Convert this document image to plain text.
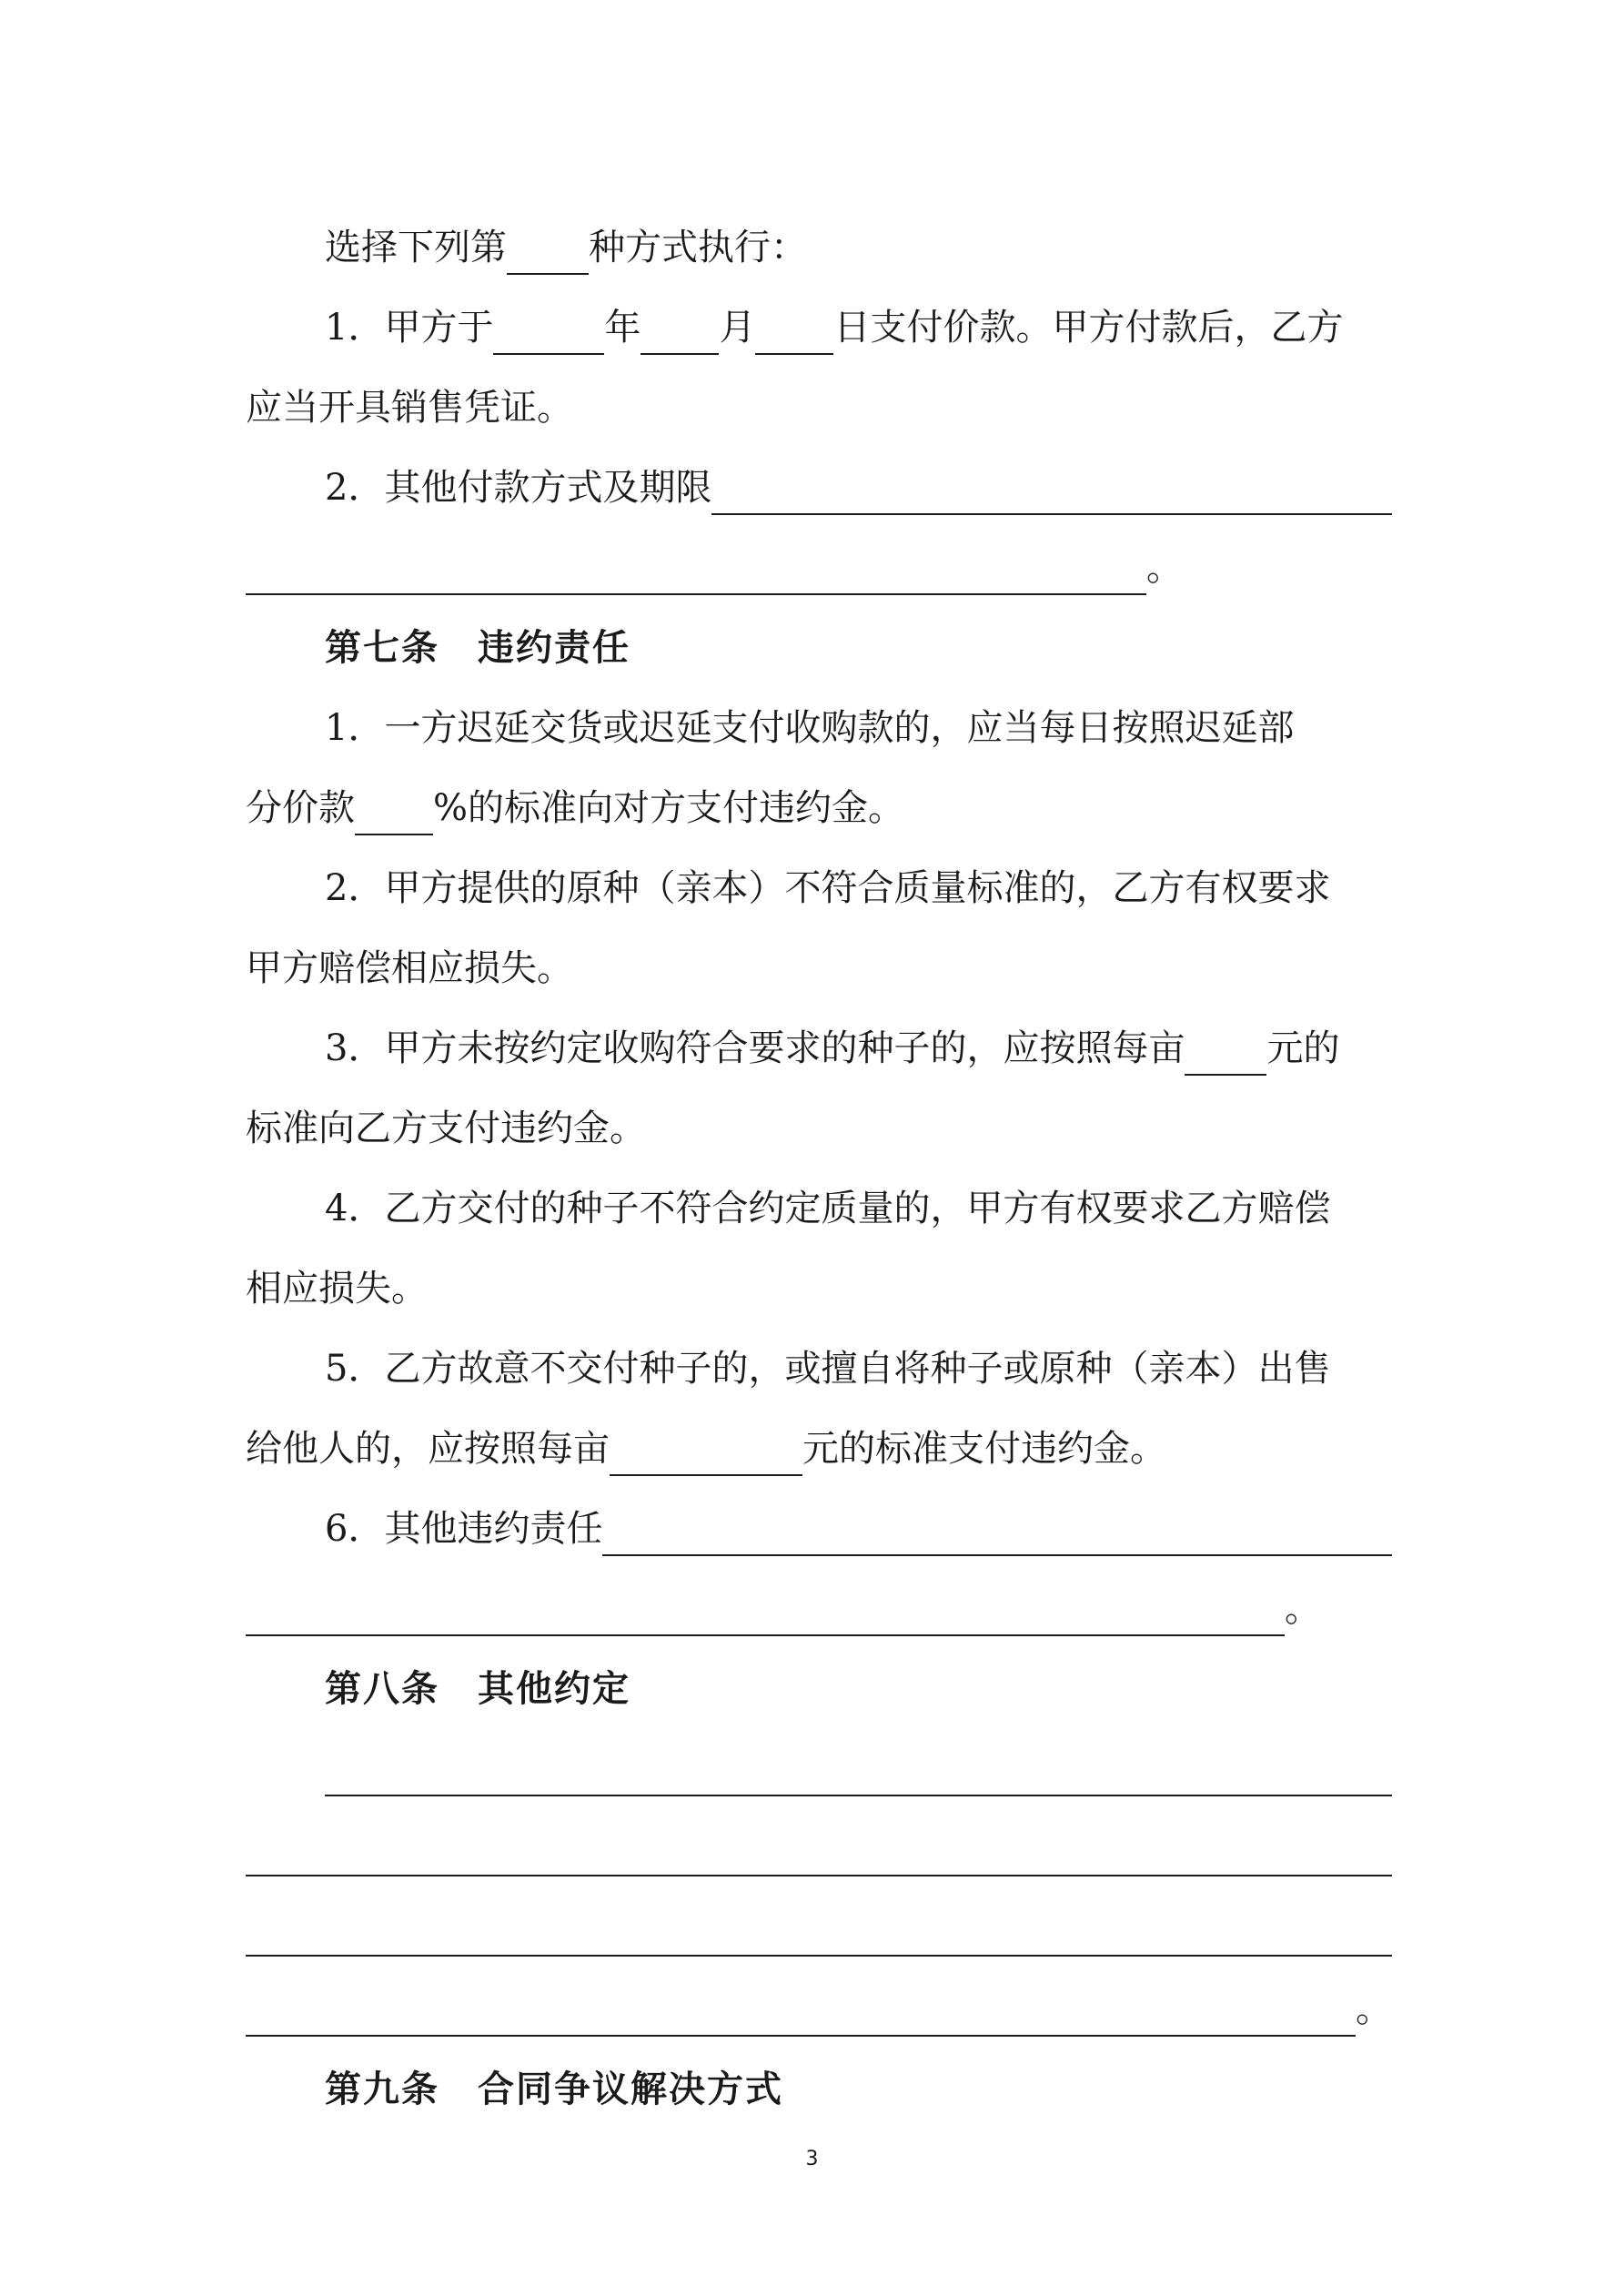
选择下列第 种方式执行：
1．甲方于	年 月 日支付价款。甲方付款后，乙方
应当开具销售凭证。
2．其他付款方式及期限
。
第七条　违约责任
1．一方迟延交货或迟延支付收购款的，应当每日按照迟延部
分价款 %的标准向对方支付违约金。
2．甲方提供的原种（亲本）不符合质量标准的，乙方有权要求
甲方赔偿相应损失。
3．甲方未按约定收购符合要求的种子的，应按照每亩 元的
标准向乙方支付违约金。
4．乙方交付的种子不符合约定质量的，甲方有权要求乙方赔偿
相应损失。
5．乙方故意不交付种子的，或擅自将种子或原种（亲本）出售
给他人的，应按照每亩	元的标准支付违约金。
6．其他违约责任
。
第八条　其他约定
。
第九条　合同争议解决方式
3
